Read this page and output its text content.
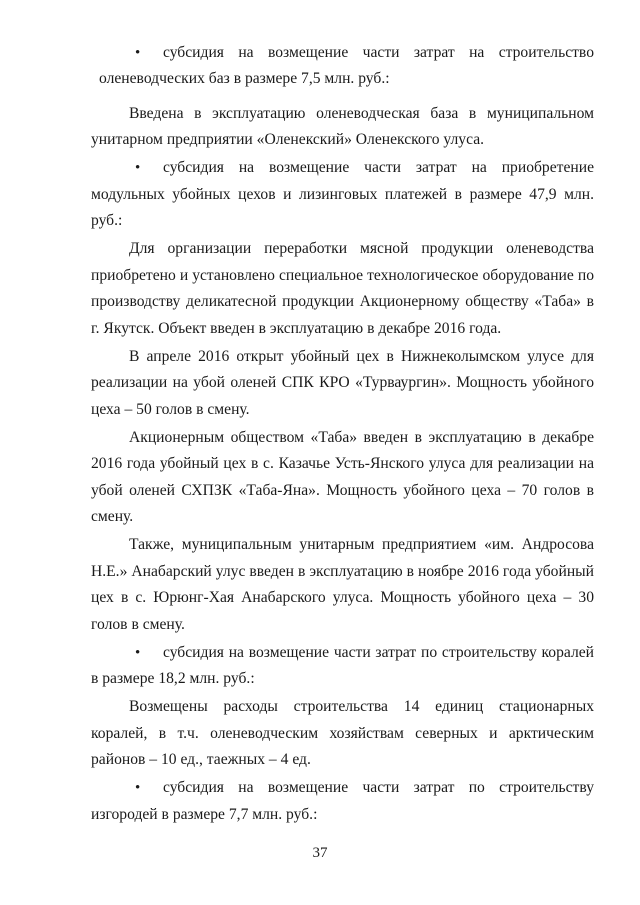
• субсидия на возмещение части затрат на строительство

оленеводческих баз в размере 7,5 млн. руб.:

Введена в эксплуатацию оленеводческая база в муниципальном унитарном предприятии «Оленекский» Оленекского улуса.

• субсидия на возмещение части затрат на приобретение модульных убойных цехов и лизинговых платежей в размере 47,9 млн. руб.:

Для организации переработки мясной продукции оленеводства приобретено и установлено специальное технологическое оборудование по производству деликатесной продукции Акционерному обществу «Таба» в г. Якутск. Объект введен в эксплуатацию в декабре 2016 года.

В апреле 2016 открыт убойный цех в Нижнеколымском улусе для реализации на убой оленей СПК КРО «Турваургин». Мощность убойного цеха – 50 голов в смену.

Акционерным обществом «Таба» введен в эксплуатацию в декабре 2016 года убойный цех в с. Казачье Усть-Янского улуса для реализации на убой оленей СХПЗК «Таба-Яна». Мощность убойного цеха – 70 голов в смену.

Также, муниципальным унитарным предприятием «им. Андросова Н.Е.» Анабарский улус введен в эксплуатацию в ноябре 2016 года убойный цех в с. Юрюнг-Хая Анабарского улуса. Мощность убойного цеха – 30 голов в смену.

• субсидия на возмещение части затрат по строительству коралей в размере 18,2 млн. руб.:

Возмещены расходы строительства 14 единиц стационарных коралей, в т.ч. оленеводческим хозяйствам северных и арктическим районов – 10 ед., таежных – 4 ед.

• субсидия на возмещение части затрат по строительству изгородей в размере 7,7 млн. руб.:

37
